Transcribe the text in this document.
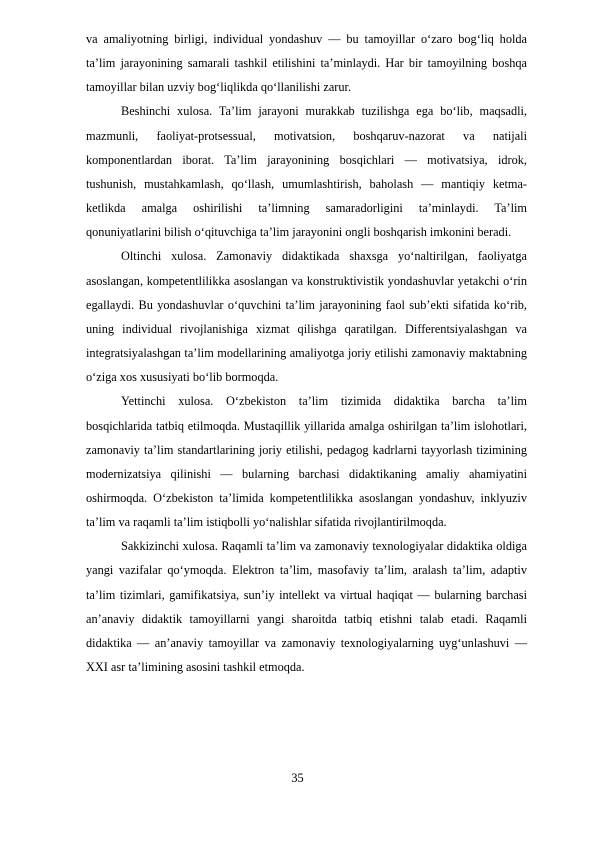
va amaliyotning birligi, individual yondashuv — bu tamoyillar o‘zaro bog‘liq holda ta’lim jarayonining samarali tashkil etilishini ta’minlaydi. Har bir tamoyilning boshqa tamoyillar bilan uzviy bog‘liqlikda qo‘llanilishi zarur.

Beshinchi xulosa. Ta’lim jarayoni murakkab tuzilishga ega bo‘lib, maqsadli, mazmunli, faoliyat-protsessual, motivatsion, boshqaruv-nazorat va natijali komponentlardan iborat. Ta’lim jarayonining bosqichlari — motivatsiya, idrok, tushunish, mustahkamlash, qo‘llash, umumlashtirish, baholash — mantiqiy ketma-ketlikda amalga oshirilishi ta’limning samaradorligini ta’minlaydi. Ta’lim qonuniyatlarini bilish o‘qituvchiga ta’lim jarayonini ongli boshqarish imkonini beradi.

Oltinchi xulosa. Zamonaviy didaktikada shaxsga yo‘naltirilgan, faoliyatga asoslangan, kompetentlilikka asoslangan va konstruktivistik yondashuvlar yetakchi o‘rin egallaydi. Bu yondashuvlar o‘quvchini ta’lim jarayonining faol sub’ekti sifatida ko‘rib, uning individual rivojlanishiga xizmat qilishga qaratilgan. Differentsiyalashgan va integratsiyalashgan ta’lim modellarining amaliyotga joriy etilishi zamonaviy maktabning o‘ziga xos xususiyati bo‘lib bormoqda.

Yettinchi xulosa. O‘zbekiston ta’lim tizimida didaktika barcha ta’lim bosqichlarida tatbiq etilmoqda. Mustaqillik yillarida amalga oshirilgan ta’lim islohotlari, zamonaviy ta’lim standartlarining joriy etilishi, pedagog kadrlarni tayyorlash tizimining modernizatsiya qilinishi — bularning barchasi didaktikaning amaliy ahamiyatini oshirmoqda. O‘zbekiston ta’limida kompetentlilikka asoslangan yondashuv, inklyuziv ta’lim va raqamli ta’lim istiqbolli yo‘nalishlar sifatida rivojlantirilmoqda.

Sakkizinchi xulosa. Raqamli ta’lim va zamonaviy texnologiyalar didaktika oldiga yangi vazifalar qo‘ymoqda. Elektron ta’lim, masofaviy ta’lim, aralash ta’lim, adaptiv ta’lim tizimlari, gamifikatsiya, sun’iy intellekt va virtual haqiqat — bularning barchasi an’anaviy didaktik tamoyillarni yangi sharoitda tatbiq etishni talab etadi. Raqamli didaktika — an’anaviy tamoyillar va zamonaviy texnologiyalarning uyg‘unlashuvi — XXI asr ta’limining asosini tashkil etmoqda.

35
